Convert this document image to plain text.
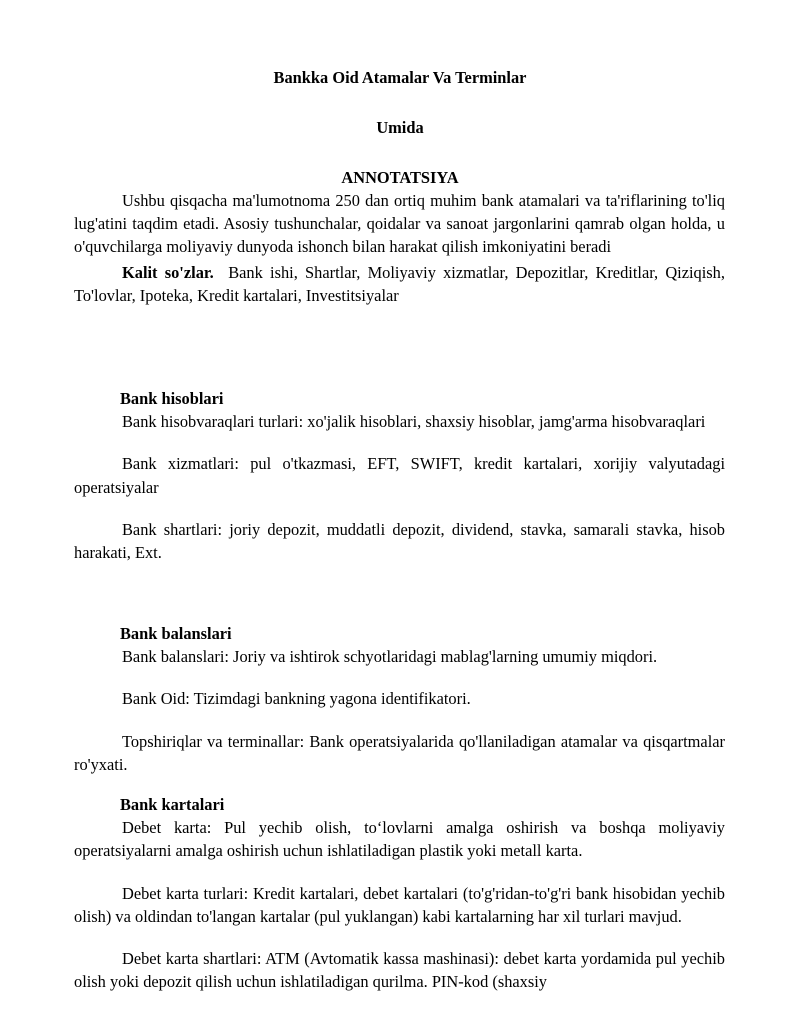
Bankka Oid Atamalar Va Terminlar

Umida

ANNOTATSIYA

Ushbu qisqacha ma'lumotnoma 250 dan ortiq muhim bank atamalari va ta'riflarining to'liq lug'atini taqdim etadi. Asosiy tushunchalar, qoidalar va sanoat jargonlarini qamrab olgan holda, u o'quvchilarga moliyaviy dunyoda ishonch bilan harakat qilish imkoniyatini beradi

Kalit so'zlar. Bank ishi, Shartlar, Moliyaviy xizmatlar, Depozitlar, Kreditlar, Qiziqish, To'lovlar, Ipoteka, Kredit kartalari, Investitsiyalar

Bank hisoblari

Bank hisobvaraqlari turlari: xo'jalik hisoblari, shaxsiy hisoblar, jamg'arma hisobvaraqlari

Bank xizmatlari: pul o'tkazmasi, EFT, SWIFT, kredit kartalari, xorijiy valyutadagi operatsiyalar

Bank shartlari: joriy depozit, muddatli depozit, dividend, stavka, samarali stavka, hisob harakati, Ext.

Bank balanslari

Bank balanslari: Joriy va ishtirok schyotlaridagi mablag'larning umumiy miqdori.

Bank Oid: Tizimdagi bankning yagona identifikatori.

Topshiriqlar va terminallar: Bank operatsiyalarida qo'llaniladigan atamalar va qisqartmalar ro'yxati.

Bank kartalari

Debet karta: Pul yechib olish, to‘lovlarni amalga oshirish va boshqa moliyaviy operatsiyalarni amalga oshirish uchun ishlatiladigan plastik yoki metall karta.

Debet karta turlari: Kredit kartalari, debet kartalari (to'g'ridan-to'g'ri bank hisobidan yechib olish) va oldindan to'langan kartalar (pul yuklangan) kabi kartalarning har xil turlari mavjud.

Debet karta shartlari: ATM (Avtomatik kassa mashinasi): debet karta yordamida pul yechib olish yoki depozit qilish uchun ishlatiladigan qurilma. PIN-kod (shaxsiy
